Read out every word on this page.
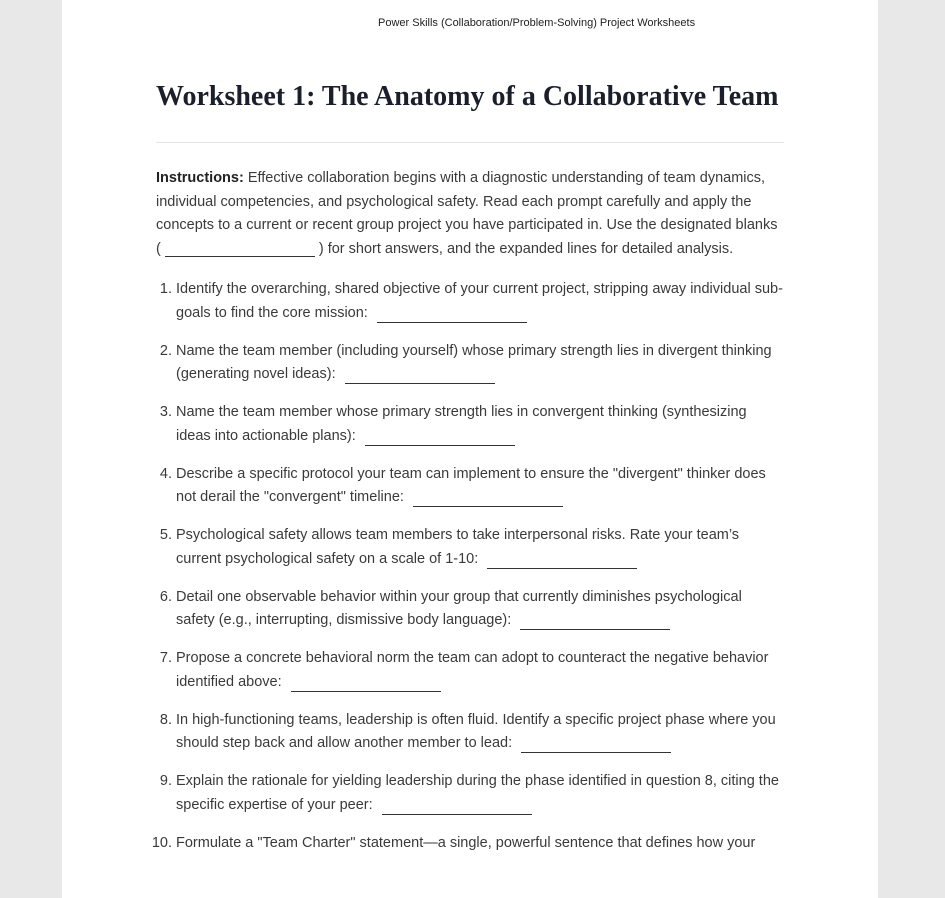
Power Skills (Collaboration/Problem-Solving) Project Worksheets
Worksheet 1: The Anatomy of a Collaborative Team

Instructions: Effective collaboration begins with a diagnostic understanding of team dynamics, individual competencies, and psychological safety. Read each prompt carefully and apply the concepts to a current or recent group project you have participated in. Use the designated blanks (	) for short answers, and the expanded lines for detailed analysis.

1. Identify the overarching, shared objective of your current project, stripping away individual sub-goals to find the core mission:
2. Name the team member (including yourself) whose primary strength lies in divergent thinking (generating novel ideas):
3. Name the team member whose primary strength lies in convergent thinking (synthesizing ideas into actionable plans):
4. Describe a specific protocol your team can implement to ensure the "divergent" thinker does not derail the "convergent" timeline:
5. Psychological safety allows team members to take interpersonal risks. Rate your team’s current psychological safety on a scale of 1-10:
6. Detail one observable behavior within your group that currently diminishes psychological safety (e.g., interrupting, dismissive body language):
7. Propose a concrete behavioral norm the team can adopt to counteract the negative behavior identified above:
8. In high-functioning teams, leadership is often fluid. Identify a specific project phase where you should step back and allow another member to lead:
9. Explain the rationale for yielding leadership during the phase identified in question 8, citing the specific expertise of your peer:
10. Formulate a "Team Charter" statement—a single, powerful sentence that defines how your
